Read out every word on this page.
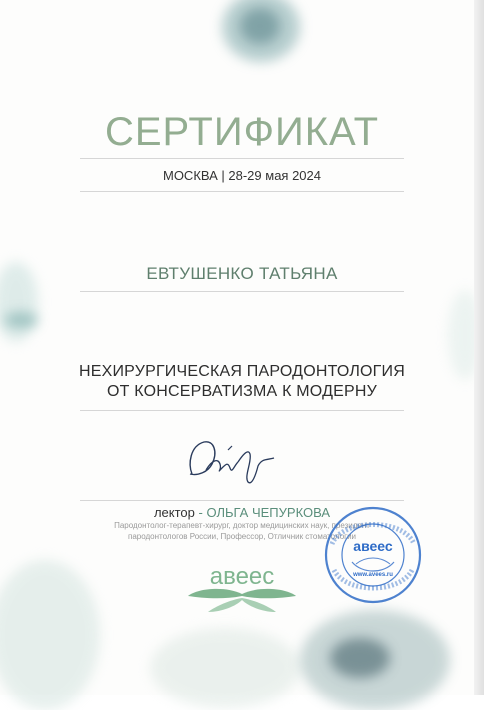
СЕРТИФИКАТ
МОСКВА | 28-29 мая 2024
ЕВТУШЕНКО ТАТЬЯНА
НЕХИРУРГИЧЕСКАЯ ПАРОДОНТОЛОГИЯ
ОТ КОНСЕРВАТИЗМА К МОДЕРНУ
лектор - ОЛЬГА ЧЕПУРКОВА
Пародонтолог-терапевт-хирург, доктор медицинских наук, президент
пародонтологов России, Профессор, Отличник стоматологии
авеес
авеес
www.avees.ru
